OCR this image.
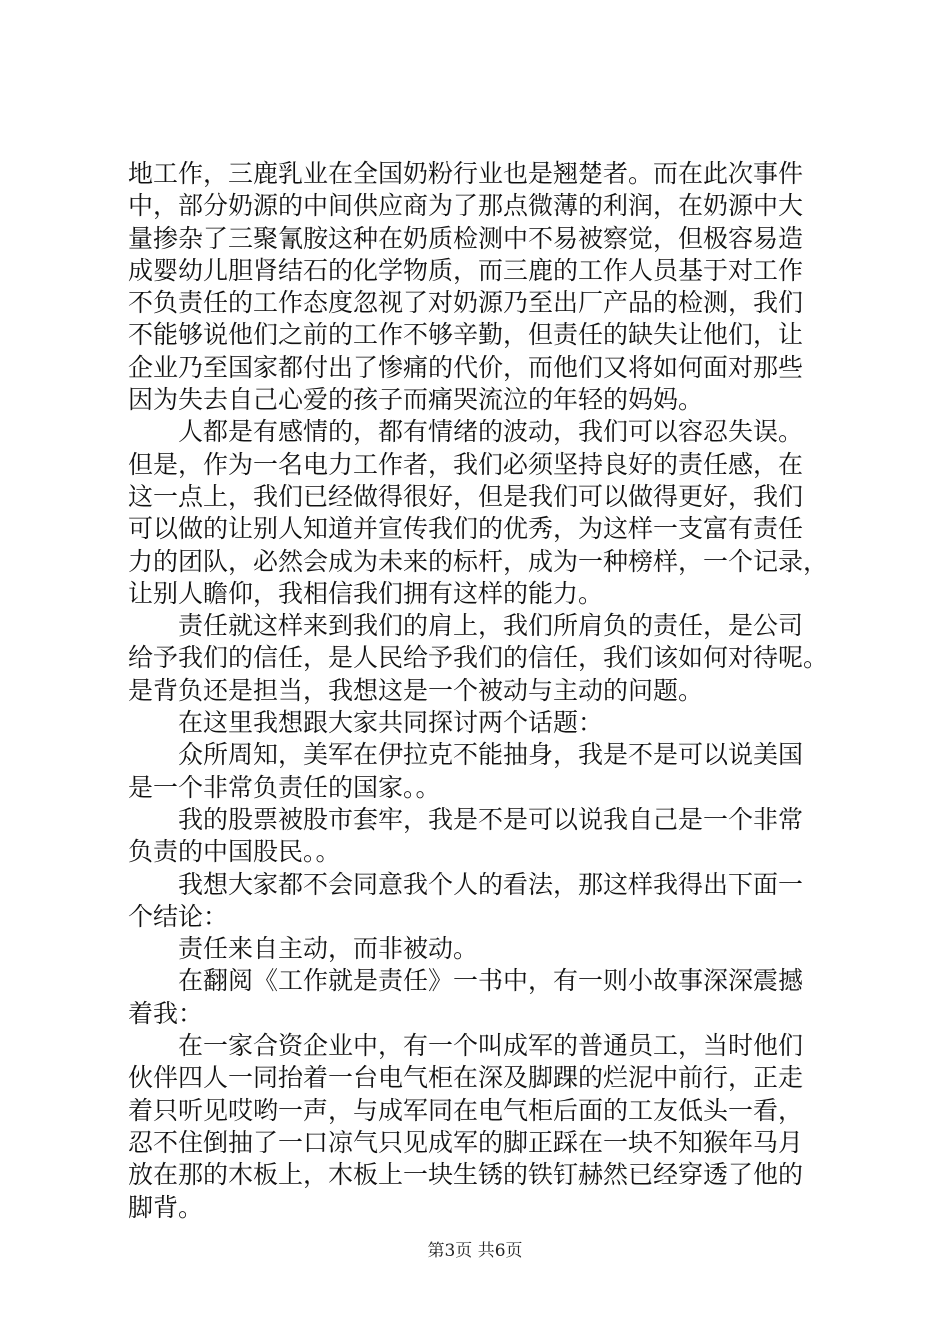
地工作，三鹿乳业在全国奶粉行业也是翘楚者。而在此次事件
中，部分奶源的中间供应商为了那点微薄的利润，在奶源中大
量掺杂了三聚氰胺这种在奶质检测中不易被察觉，但极容易造
成婴幼儿胆肾结石的化学物质，而三鹿的工作人员基于对工作
不负责任的工作态度忽视了对奶源乃至出厂产品的检测，我们
不能够说他们之前的工作不够辛勤，但责任的缺失让他们，让
企业乃至国家都付出了惨痛的代价，而他们又将如何面对那些
因为失去自己心爱的孩子而痛哭流泣的年轻的妈妈。
人都是有感情的，都有情绪的波动，我们可以容忍失误。
但是，作为一名电力工作者，我们必须坚持良好的责任感，在
这一点上，我们已经做得很好，但是我们可以做得更好，我们
可以做的让别人知道并宣传我们的优秀，为这样一支富有责任
力的团队，必然会成为未来的标杆，成为一种榜样，一个记录，
让别人瞻仰，我相信我们拥有这样的能力。
责任就这样来到我们的肩上，我们所肩负的责任，是公司
给予我们的信任，是人民给予我们的信任，我们该如何对待呢。
是背负还是担当，我想这是一个被动与主动的问题。
在这里我想跟大家共同探讨两个话题：
众所周知，美军在伊拉克不能抽身，我是不是可以说美国
是一个非常负责任的国家。。
我的股票被股市套牢，我是不是可以说我自己是一个非常
负责的中国股民。。
我想大家都不会同意我个人的看法，那这样我得出下面一
个结论：
责任来自主动，而非被动。
在翻阅《工作就是责任》一书中，有一则小故事深深震撼
着我：
在一家合资企业中，有一个叫成军的普通员工，当时他们
伙伴四人一同抬着一台电气柜在深及脚踝的烂泥中前行，正走
着只听见哎哟一声，与成军同在电气柜后面的工友低头一看，
忍不住倒抽了一口凉气只见成军的脚正踩在一块不知猴年马月
放在那的木板上，木板上一块生锈的铁钉赫然已经穿透了他的
脚背。
第3页 共6页
